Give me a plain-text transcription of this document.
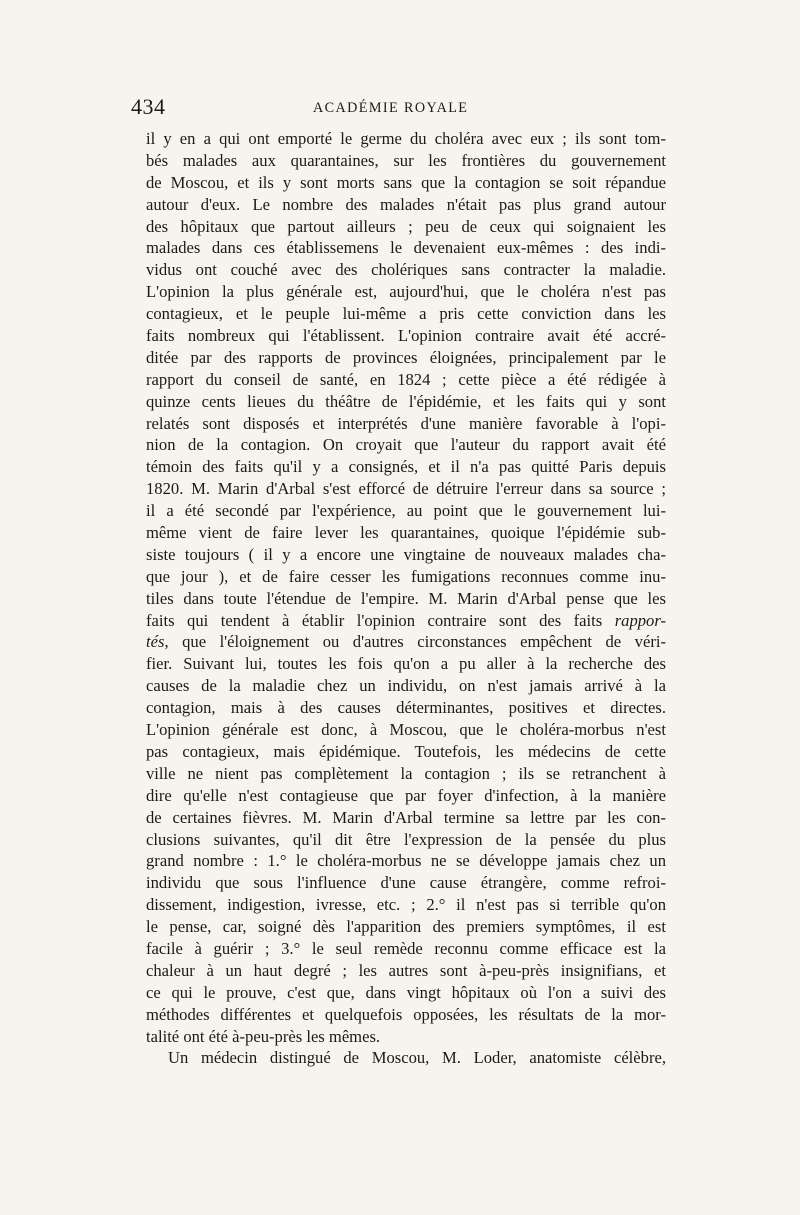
434	ACADÉMIE ROYALE
il y en a qui ont emporté le germe du choléra avec eux ; ils sont tom-
bés malades aux quarantaines, sur les frontières du gouvernement
de Moscou, et ils y sont morts sans que la contagion se soit répandue
autour d'eux. Le nombre des malades n'était pas plus grand autour
des hôpitaux que partout ailleurs ; peu de ceux qui soignaient les
malades dans ces établissemens le devenaient eux-mêmes : des indi-
vidus ont couché avec des cholériques sans contracter la maladie.
L'opinion la plus générale est, aujourd'hui, que le choléra n'est pas
contagieux, et le peuple lui-même a pris cette conviction dans les
faits nombreux qui l'établissent. L'opinion contraire avait été accré-
ditée par des rapports de provinces éloignées, principalement par le
rapport du conseil de santé, en 1824 ; cette pièce a été rédigée à
quinze cents lieues du théâtre de l'épidémie, et les faits qui y sont
relatés sont disposés et interprétés d'une manière favorable à l'opi-
nion de la contagion. On croyait que l'auteur du rapport avait été
témoin des faits qu'il y a consignés, et il n'a pas quitté Paris depuis
1820. M. Marin d'Arbal s'est efforcé de détruire l'erreur dans sa source ;
il a été secondé par l'expérience, au point que le gouvernement lui-
même vient de faire lever les quarantaines, quoique l'épidémie sub-
siste toujours ( il y a encore une vingtaine de nouveaux malades cha-
que jour ), et de faire cesser les fumigations reconnues comme inu-
tiles dans toute l'étendue de l'empire. M. Marin d'Arbal pense que les
faits qui tendent à établir l'opinion contraire sont des faits rappor-
tés, que l'éloignement ou d'autres circonstances empêchent de véri-
fier. Suivant lui, toutes les fois qu'on a pu aller à la recherche des
causes de la maladie chez un individu, on n'est jamais arrivé à la
contagion, mais à des causes déterminantes, positives et directes.
L'opinion générale est donc, à Moscou, que le choléra-morbus n'est
pas contagieux, mais épidémique. Toutefois, les médecins de cette
ville ne nient pas complètement la contagion ; ils se retranchent à
dire qu'elle n'est contagieuse que par foyer d'infection, à la manière
de certaines fièvres. M. Marin d'Arbal termine sa lettre par les con-
clusions suivantes, qu'il dit être l'expression de la pensée du plus
grand nombre : 1.° le choléra-morbus ne se développe jamais chez un
individu que sous l'influence d'une cause étrangère, comme refroi-
dissement, indigestion, ivresse, etc. ; 2.° il n'est pas si terrible qu'on
le pense, car, soigné dès l'apparition des premiers symptômes, il est
facile à guérir ; 3.° le seul remède reconnu comme efficace est la
chaleur à un haut degré ; les autres sont à-peu-près insignifians, et
ce qui le prouve, c'est que, dans vingt hôpitaux où l'on a suivi des
méthodes différentes et quelquefois opposées, les résultats de la mor-
talité ont été à-peu-près les mêmes.
Un médecin distingué de Moscou, M. Loder, anatomiste célèbre,
